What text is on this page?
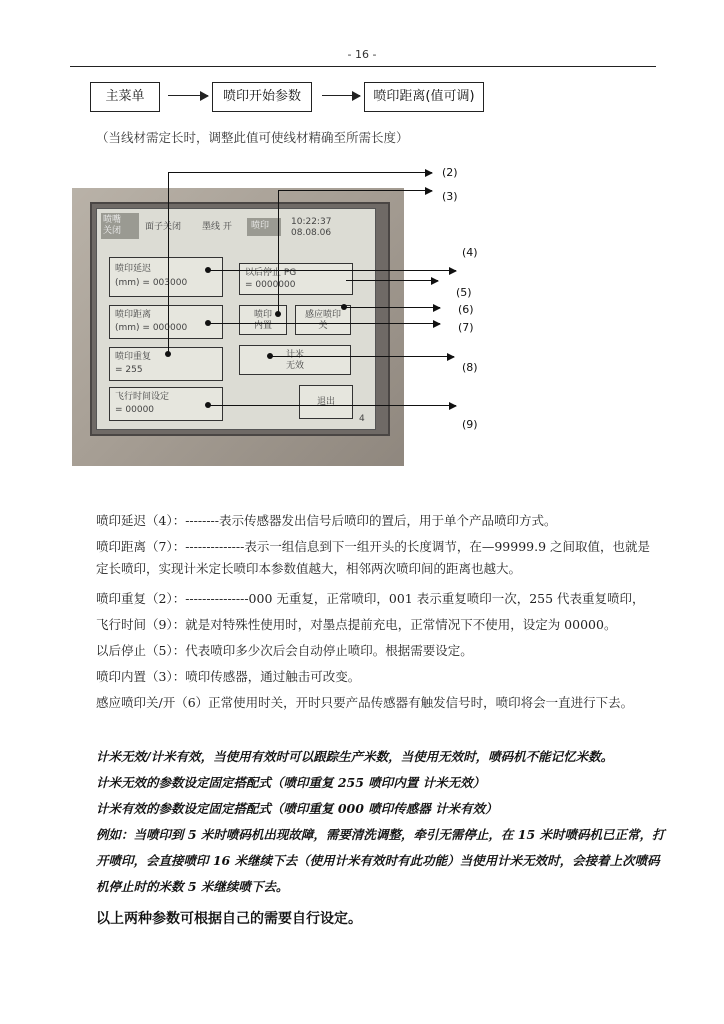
- 16 -
主菜单	喷印开始参数	喷印距离(值可调)
（当线材需定长时，调整此值可使线材精确至所需长度）
喷嘴
关闭	面子关闭 墨线 开	喷印	10:22:37
08.08.06
喷印延迟
(mm) = 003000
以后停止 PG
= 0000000
喷印距离
(mm) = 000000
喷印
内置
感应喷印
关
喷印重复
= 255
计米
无效
飞行时间设定
= 00000
退出
4
(2)
(3)
(4)
(5)
(6)
(7)
(8)
(9)
喷印延迟（4）：--------表示传感器发出信号后喷印的置后，用于单个产品喷印方式。
喷印距离（7）：--------------表示一组信息到下一组开头的长度调节，在—99999.9 之间取值，也就是定长喷印，实现计米定长喷印本参数值越大，相邻两次喷印间的距离也越大。
喷印重复（2）：---------------000 无重复，正常喷印，001 表示重复喷印一次，255 代表重复喷印，
飞行时间（9）：就是对特殊性使用时，对墨点提前充电，正常情况下不使用，设定为 00000。
以后停止（5）：代表喷印多少次后会自动停止喷印。根据需要设定。
喷印内置（3）：喷印传感器，通过触击可改变。
感应喷印关/开（6）正常使用时关，开时只要产品传感器有触发信号时，喷印将会一直进行下去。
计米无效/计米有效，当使用有效时可以跟踪生产米数，当使用无效时，喷码机不能记忆米数。
计米无效的参数设定固定搭配式（喷印重复 255 喷印内置 计米无效）
计米有效的参数设定固定搭配式（喷印重复 000 喷印传感器 计米有效）
例如：当喷印到 5 米时喷码机出现故障，需要清洗调整，牵引无需停止，在 15 米时喷码机已正常，打开喷印，会直接喷印 16 米继续下去（使用计米有效时有此功能）当使用计米无效时，会接着上次喷码机停止时的米数 5 米继续喷下去。
以上两种参数可根据自己的需要自行设定。
